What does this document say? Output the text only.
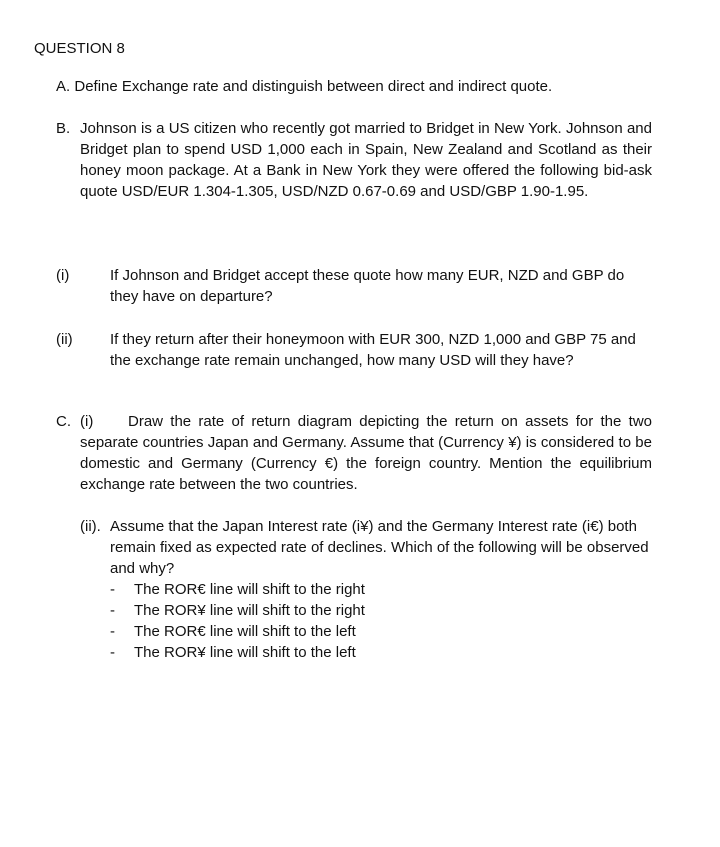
QUESTION 8
A. Define Exchange rate and distinguish between direct and indirect quote.
B. Johnson is a US citizen who recently got married to Bridget in New York. Johnson and Bridget plan to spend USD 1,000 each in Spain, New Zealand and Scotland as their honey moon package. At a Bank in New York they were offered the following bid-ask quote USD/EUR 1.304-1.305, USD/NZD 0.67-0.69 and USD/GBP 1.90-1.95.
(i)	If Johnson and Bridget accept these quote how many EUR, NZD and GBP do they have on departure?
(ii)	If they return after their honeymoon with EUR 300, NZD 1,000 and GBP 75 and the exchange rate remain unchanged, how many USD will they have?
C. (i) Draw the rate of return diagram depicting the return on assets for the two separate countries Japan and Germany. Assume that (Currency ¥) is considered to be domestic and Germany (Currency €) the foreign country. Mention the equilibrium exchange rate between the two countries.
(ii). Assume that the Japan Interest rate (i¥) and the Germany Interest rate (i€) both remain fixed as expected rate of declines. Which of the following will be observed and why?
-	The ROR€ line will shift to the right
-	The ROR¥ line will shift to the right
-	The ROR€ line will shift to the left
-	The ROR¥ line will shift to the left
